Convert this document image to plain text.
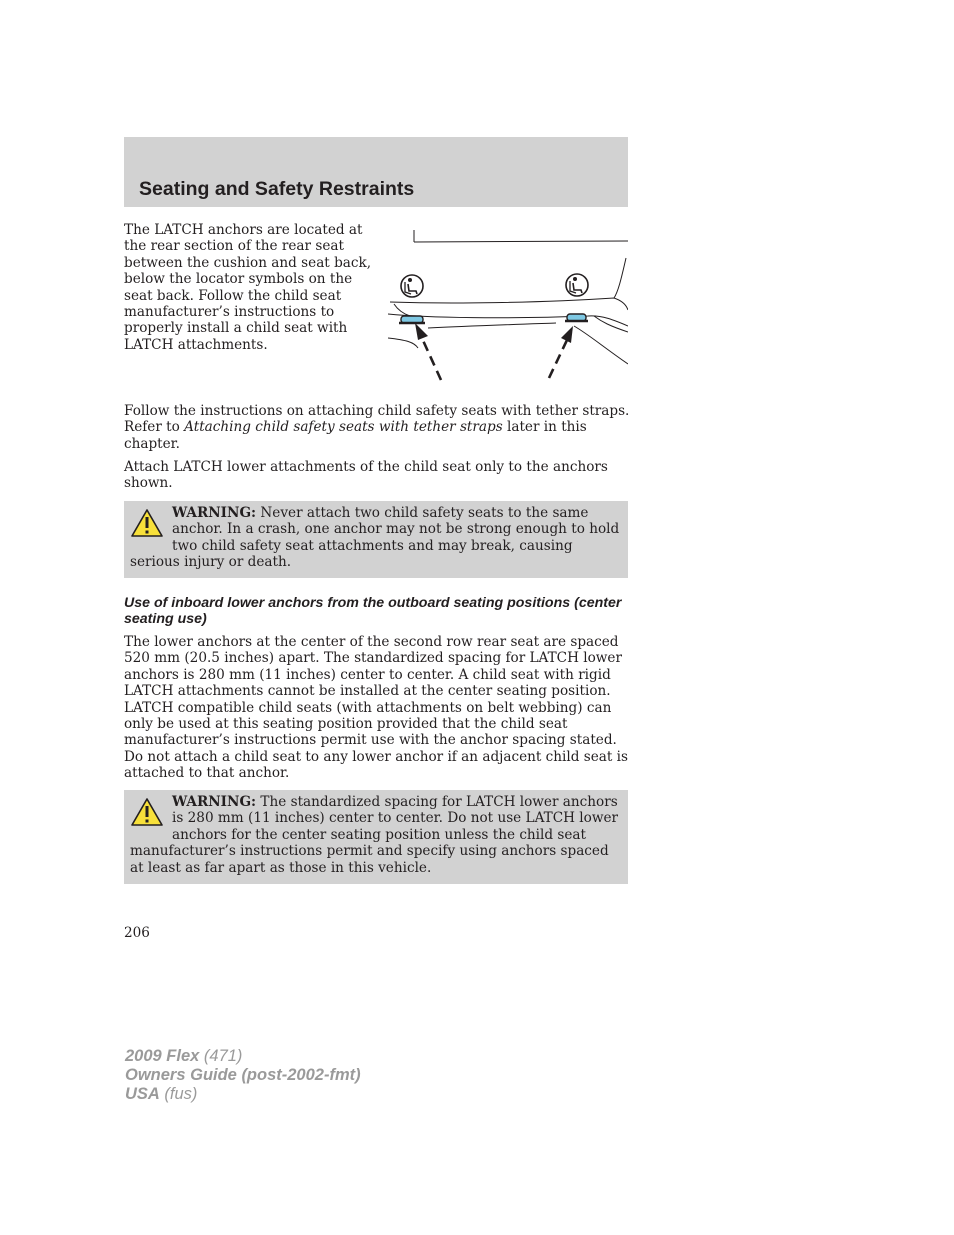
Seating and Safety Restraints

The LATCH anchors are located at the rear section of the rear seat between the cushion and seat back, below the locator symbols on the seat back. Follow the child seat manufacturer’s instructions to properly install a child seat with LATCH attachments.

Follow the instructions on attaching child safety seats with tether straps. Refer to Attaching child safety seats with tether straps later in this chapter.

Attach LATCH lower attachments of the child seat only to the anchors shown.

WARNING: Never attach two child safety seats to the same anchor. In a crash, one anchor may not be strong enough to hold two child safety seat attachments and may break, causing serious injury or death.

Use of inboard lower anchors from the outboard seating positions (center seating use)

The lower anchors at the center of the second row rear seat are spaced 520 mm (20.5 inches) apart. The standardized spacing for LATCH lower anchors is 280 mm (11 inches) center to center. A child seat with rigid LATCH attachments cannot be installed at the center seating position. LATCH compatible child seats (with attachments on belt webbing) can only be used at this seating position provided that the child seat manufacturer’s instructions permit use with the anchor spacing stated. Do not attach a child seat to any lower anchor if an adjacent child seat is attached to that anchor.

WARNING: The standardized spacing for LATCH lower anchors is 280 mm (11 inches) center to center. Do not use LATCH lower anchors for the center seating position unless the child seat manufacturer’s instructions permit and specify using anchors spaced at least as far apart as those in this vehicle.

206
2009 Flex (471)
Owners Guide (post-2002-fmt)
USA (fus)
